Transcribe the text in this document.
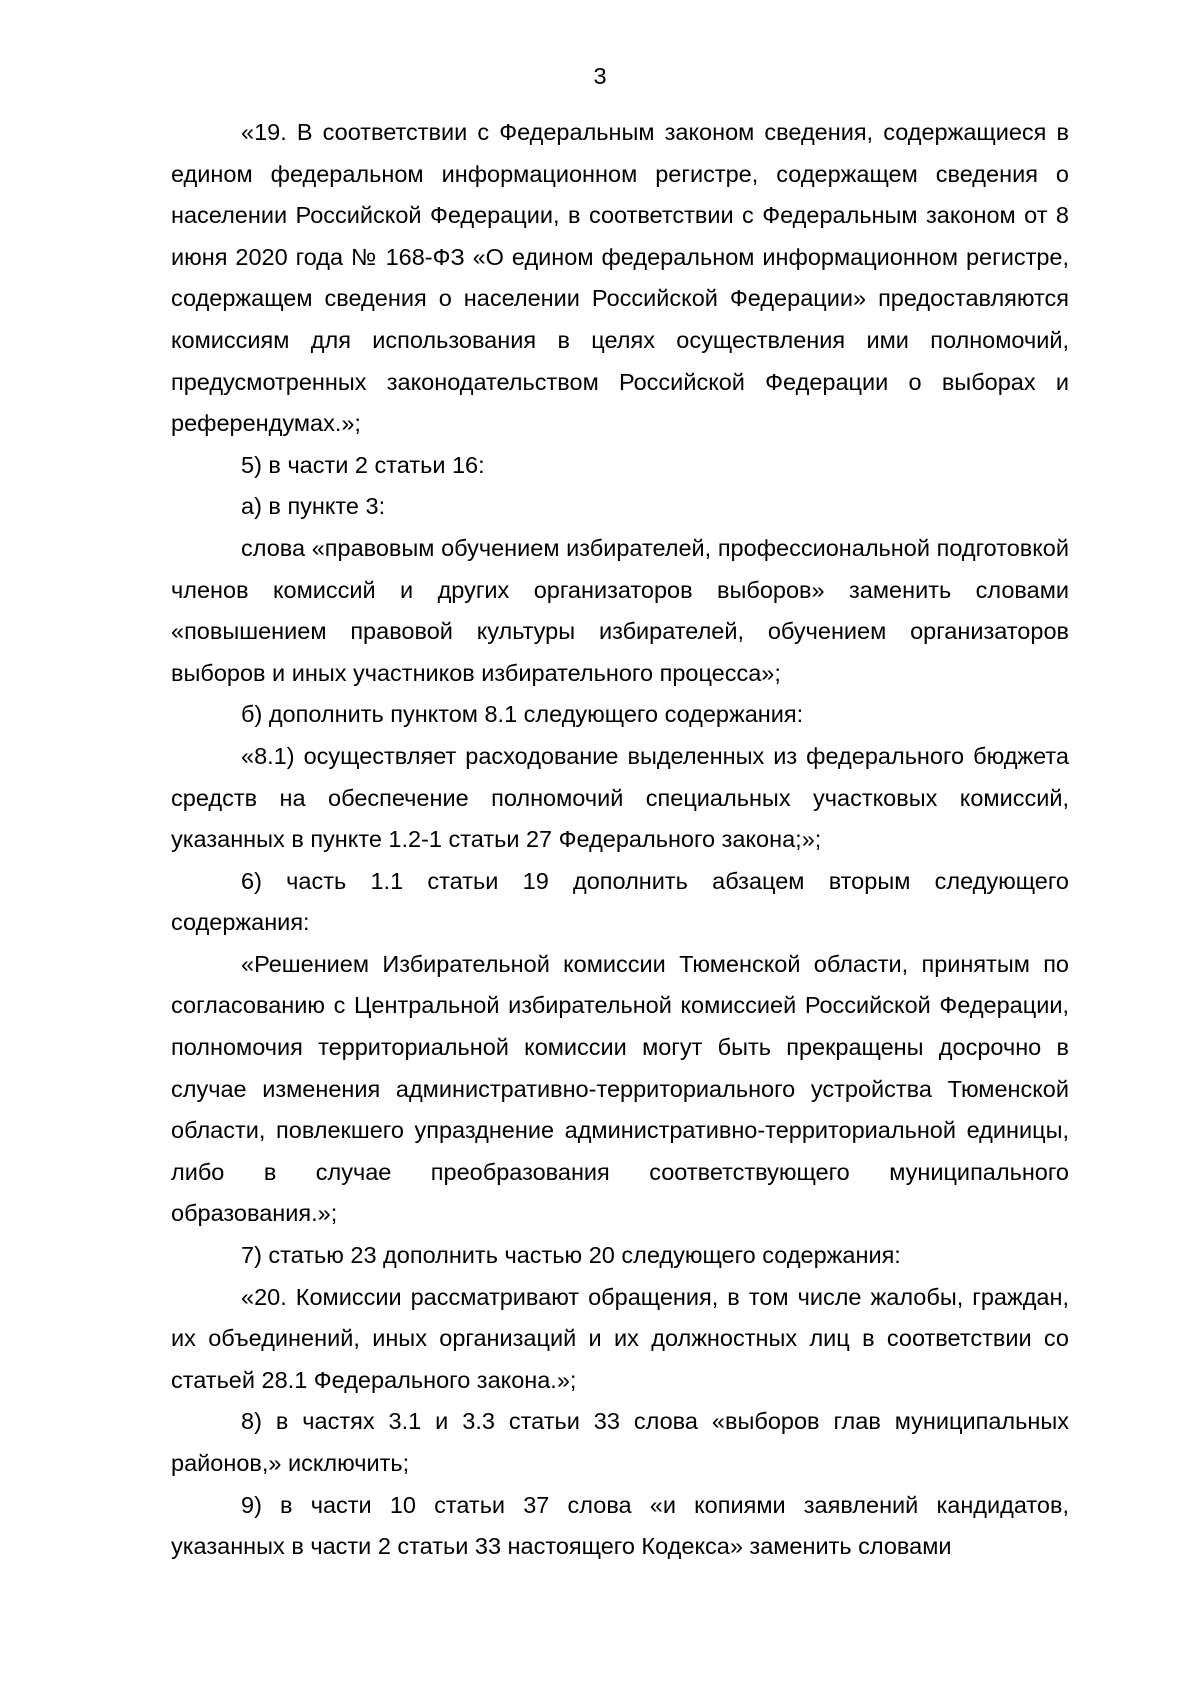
3

«19. В соответствии с Федеральным законом сведения, содержащиеся в едином федеральном информационном регистре, содержащем сведения о населении Российской Федерации, в соответствии с Федеральным законом от 8 июня 2020 года № 168-ФЗ «О едином федеральном информационном регистре, содержащем сведения о населении Российской Федерации» предоставляются комиссиям для использования в целях осуществления ими полномочий, предусмотренных законодательством Российской Федерации о выборах и референдумах.»;

5) в части 2 статьи 16:

а) в пункте 3:

слова «правовым обучением избирателей, профессиональной подготовкой членов комиссий и других организаторов выборов» заменить словами «повышением правовой культуры избирателей, обучением организаторов выборов и иных участников избирательного процесса»;

б) дополнить пунктом 8.1 следующего содержания:

«8.1) осуществляет расходование выделенных из федерального бюджета средств на обеспечение полномочий специальных участковых комиссий, указанных в пункте 1.2-1 статьи 27 Федерального закона;»;

6) часть 1.1 статьи 19 дополнить абзацем вторым следующего содержания:

«Решением Избирательной комиссии Тюменской области, принятым по согласованию с Центральной избирательной комиссией Российской Федерации, полномочия территориальной комиссии могут быть прекращены досрочно в случае изменения административно-территориального устройства Тюменской области, повлекшего упразднение административно-территориальной единицы, либо в случае преобразования соответствующего муниципального образования.»;

7) статью 23 дополнить частью 20 следующего содержания:

«20. Комиссии рассматривают обращения, в том числе жалобы, граждан, их объединений, иных организаций и их должностных лиц в соответствии со статьей 28.1 Федерального закона.»;

8) в частях 3.1 и 3.3 статьи 33 слова «выборов глав муниципальных районов,» исключить;

9) в части 10 статьи 37 слова «и копиями заявлений кандидатов, указанных в части 2 статьи 33 настоящего Кодекса» заменить словами
